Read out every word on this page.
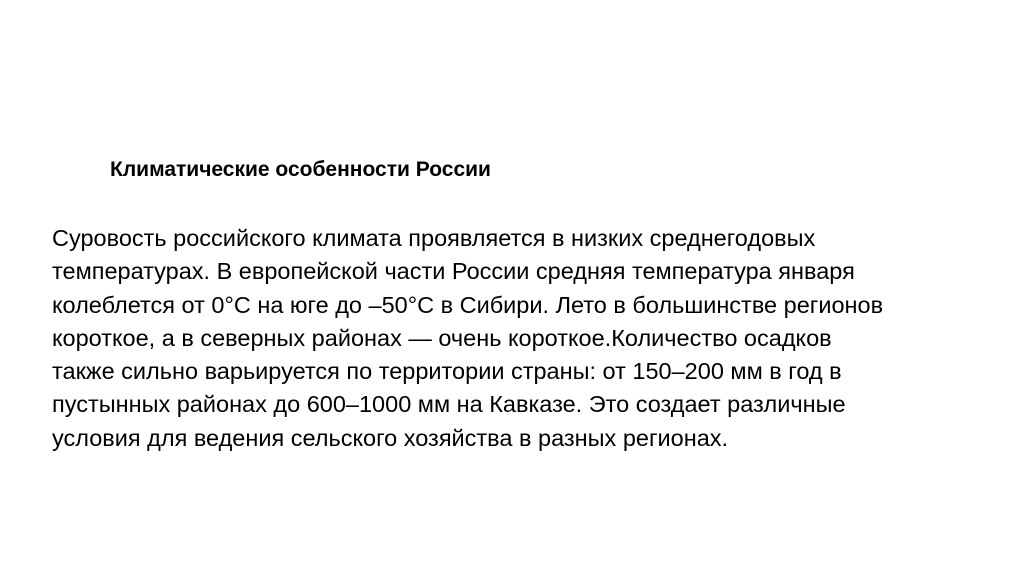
Климатические особенности России

Суровость российского климата проявляется в низких среднегодовых
температурах. В европейской части России средняя температура января
колеблется от 0°С на юге до –50°С в Сибири. Лето в большинстве регионов
короткое, а в северных районах — очень короткое.Количество осадков
также сильно варьируется по территории страны: от 150–200 мм в год в
пустынных районах до 600–1000 мм на Кавказе. Это создает различные
условия для ведения сельского хозяйства в разных регионах.
